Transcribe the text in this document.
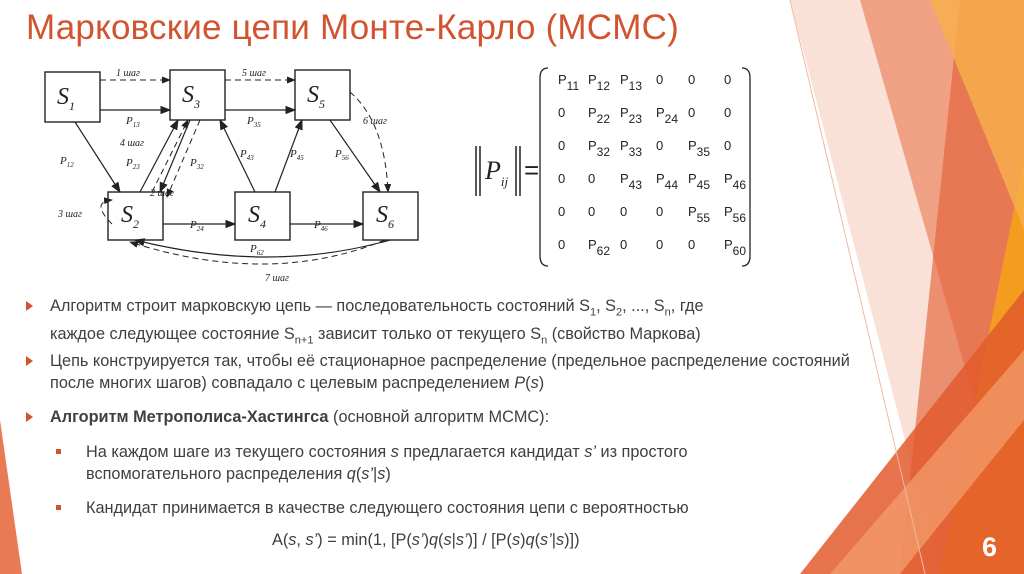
Марковские цепи Монте-Карло (MCMC)
$S_1$	$S_3$	$S_5$
$S_2$	$S_4$	$S_6$
1 шаг
2 шаг
3 шаг
4 шаг
5 шаг
6 шаг
7 шаг
$P_{13}$
$P_{12}$	$P_{23}$	$P_{32}$
$P_{24}$
$P_{35}$
$P_{43}$	$P_{45}$	$P_{56}$
$P_{46}$
$P_{62}$
$P_{ij}$ =
P11 P12 P13 0 0 0
0 P22 P23 P24 0 0
0 P32 P33 0 P35 0
0 0 P43 P44 P45 P46
0 0 0 0 P55 P56
0 P62 0 0 0 P60
Алгоритм строит марковскую цепь — последовательность состояний $S_1$, $S_2$, ..., $S_n$, где
каждое следующее состояние $S_{n+1}$ зависит только от текущего $S_n$ (свойство Маркова)
Цепь конструируется так, чтобы её стационарное распределение (предельное распределение состояний после многих шагов) совпадало с целевым распределением P(s)
Алгоритм Метрополиса-Хастингса (основной алгоритм MCMC):
На каждом шаге из текущего состояния s предлагается кандидат s’ из простого вспомогательного распределения q(s’|s)
Кандидат принимается в качестве следующего состояния цепи с вероятностью
A(s, s’) = min(1, [P(s’)q(s|s’)] / [P(s)q(s’|s)])	6
